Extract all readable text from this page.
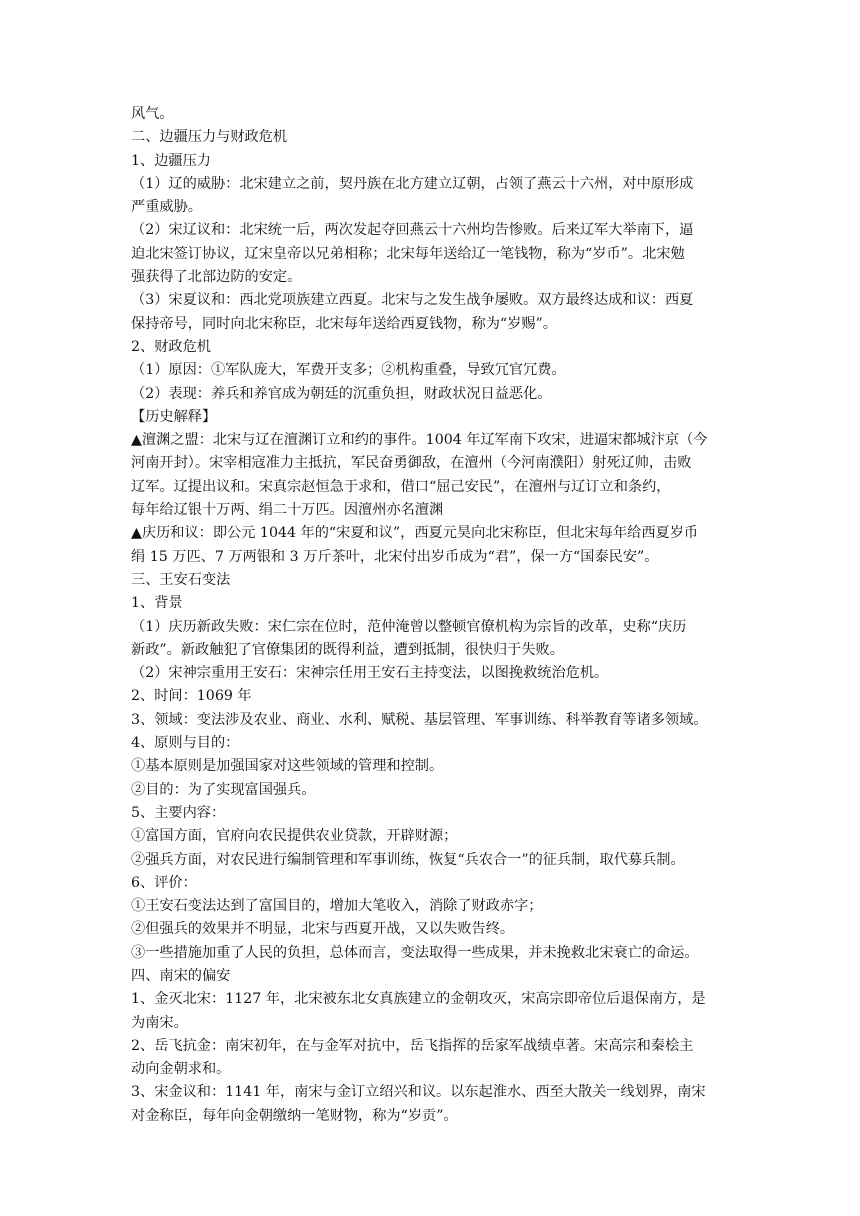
风气。
二、边疆压力与财政危机
1、边疆压力
（1）辽的威胁：北宋建立之前，契丹族在北方建立辽朝，占领了燕云十六州，对中原形成
严重威胁。
（2）宋辽议和：北宋统一后，两次发起夺回燕云十六州均告惨败。后来辽军大举南下，逼
迫北宋签订协议，辽宋皇帝以兄弟相称；北宋每年送给辽一笔钱物，称为“岁币”。北宋勉
强获得了北部边防的安定。
（3）宋夏议和：西北党项族建立西夏。北宋与之发生战争屡败。双方最终达成和议：西夏
保持帝号，同时向北宋称臣，北宋每年送给西夏钱物，称为“岁赐”。
2、财政危机
（1）原因：①军队庞大，军费开支多；②机构重叠，导致冗官冗费。
（2）表现：养兵和养官成为朝廷的沉重负担，财政状况日益恶化。
【历史解释】
▲澶渊之盟：北宋与辽在澶渊订立和约的事件。1004 年辽军南下攻宋，进逼宋都城汴京（今
河南开封）。宋宰相寇准力主抵抗，军民奋勇御敌，在澶州（今河南濮阳）射死辽帅，击败
辽军。辽提出议和。宋真宗赵恒急于求和，借口“屈己安民”，在澶州与辽订立和条约，
每年给辽银十万两、绢二十万匹。因澶州亦名澶渊
▲庆历和议：即公元 1044 年的“宋夏和议”，西夏元昊向北宋称臣，但北宋每年给西夏岁币
绢 15 万匹、7 万两银和 3 万斤茶叶，北宋付出岁币成为“君”，保一方“国泰民安”。
三、王安石变法
1、背景
（1）庆历新政失败：宋仁宗在位时，范仲淹曾以整顿官僚机构为宗旨的改革，史称“庆历
新政”。新政触犯了官僚集团的既得利益，遭到抵制，很快归于失败。
（2）宋神宗重用王安石：宋神宗任用王安石主持变法，以图挽救统治危机。
2、时间：1069 年
3、领域：变法涉及农业、商业、水利、赋税、基层管理、军事训练、科举教育等诸多领域。
4、原则与目的：
①基本原则是加强国家对这些领域的管理和控制。
②目的：为了实现富国强兵。
5、主要内容：
①富国方面，官府向农民提供农业贷款，开辟财源；
②强兵方面，对农民进行编制管理和军事训练，恢复“兵农合一”的征兵制，取代募兵制。
6、评价：
①王安石变法达到了富国目的，增加大笔收入，消除了财政赤字；
②但强兵的效果并不明显，北宋与西夏开战，又以失败告终。
③一些措施加重了人民的负担，总体而言，变法取得一些成果，并未挽救北宋衰亡的命运。
四、南宋的偏安
1、金灭北宋：1127 年，北宋被东北女真族建立的金朝攻灭，宋高宗即帝位后退保南方，是
为南宋。
2、岳飞抗金：南宋初年，在与金军对抗中，岳飞指挥的岳家军战绩卓著。宋高宗和秦桧主
动向金朝求和。
3、宋金议和：1141 年，南宋与金订立绍兴和议。以东起淮水、西至大散关一线划界，南宋
对金称臣，每年向金朝缴纳一笔财物，称为“岁贡”。
